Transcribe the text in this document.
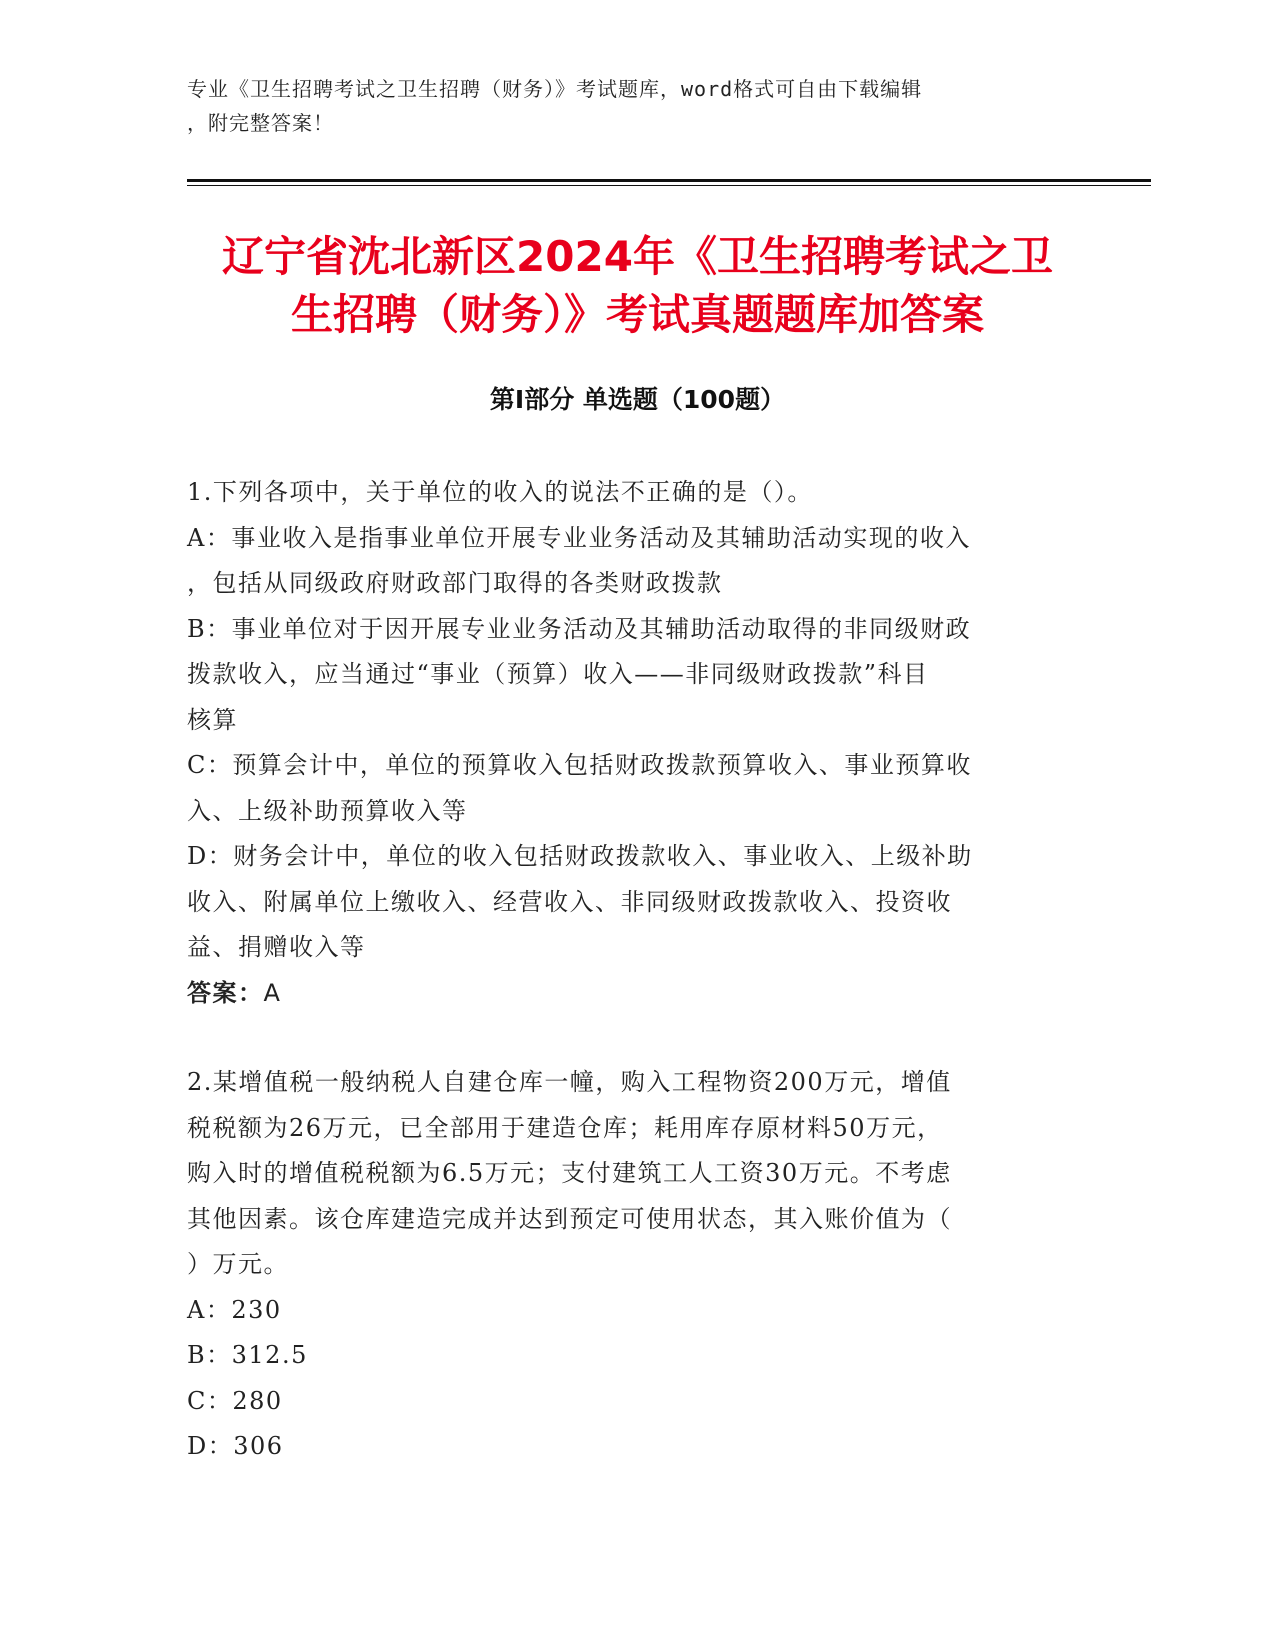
专业《卫生招聘考试之卫生招聘（财务）》考试题库，word格式可自由下载编辑
，附完整答案！
辽宁省沈北新区2024年《卫生招聘考试之卫
生招聘（财务）》考试真题题库加答案
第I部分 单选题（100题）
1.下列各项中，关于单位的收入的说法不正确的是（）。
A：事业收入是指事业单位开展专业业务活动及其辅助活动实现的收入
，包括从同级政府财政部门取得的各类财政拨款
B：事业单位对于因开展专业业务活动及其辅助活动取得的非同级财政
拨款收入，应当通过“事业（预算）收入——非同级财政拨款”科目
核算
C：预算会计中，单位的预算收入包括财政拨款预算收入、事业预算收
入、上级补助预算收入等
D：财务会计中，单位的收入包括财政拨款收入、事业收入、上级补助
收入、附属单位上缴收入、经营收入、非同级财政拨款收入、投资收
益、捐赠收入等
答案：A
2.某增值税一般纳税人自建仓库一幢，购入工程物资200万元，增值
税税额为26万元，已全部用于建造仓库；耗用库存原材料50万元，
购入时的增值税税额为6.5万元；支付建筑工人工资30万元。不考虑
其他因素。该仓库建造完成并达到预定可使用状态，其入账价值为（
）万元。
A：230
B：312.5
C：280
D：306
